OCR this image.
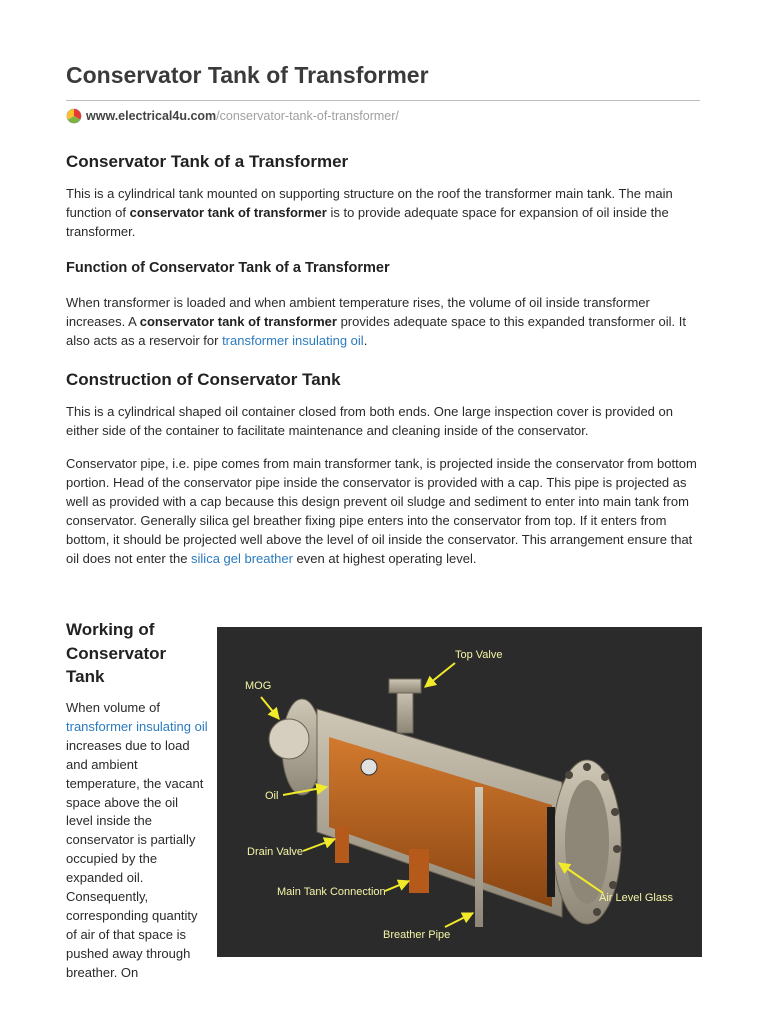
Conservator Tank of Transformer
www.electrical4u.com /conservator-tank-of-transformer/
Conservator Tank of a Transformer

This is a cylindrical tank mounted on supporting structure on the roof the transformer main tank. The main function of conservator tank of transformer is to provide adequate space for expansion of oil inside the transformer.

Function of Conservator Tank of a Transformer

When transformer is loaded and when ambient temperature rises, the volume of oil inside transformer increases. A conservator tank of transformer provides adequate space to this expanded transformer oil. It also acts as a reservoir for transformer insulating oil.

Construction of Conservator Tank

This is a cylindrical shaped oil container closed from both ends. One large inspection cover is provided on either side of the container to facilitate maintenance and cleaning inside of the conservator.

Conservator pipe, i.e. pipe comes from main transformer tank, is projected inside the conservator from bottom portion. Head of the conservator pipe inside the conservator is provided with a cap. This pipe is projected as well as provided with a cap because this design prevent oil sludge and sediment to enter into main tank from conservator. Generally silica gel breather fixing pipe enters into the conservator from top. If it enters from bottom, it should be projected well above the level of oil inside the conservator. This arrangement ensure that oil does not enter the silica gel breather even at highest operating level.

Working of Conservator Tank

When volume of transformer insulating oil increases due to load and ambient temperature, the vacant space above the oil level inside the conservator is partially occupied by the expanded oil. Consequently, corresponding quantity of air of that space is pushed away through breather. On

Top Valve
MOG
Oil
Drain Valve
Main Tank Connection
Breather Pipe
Air Level Glass
